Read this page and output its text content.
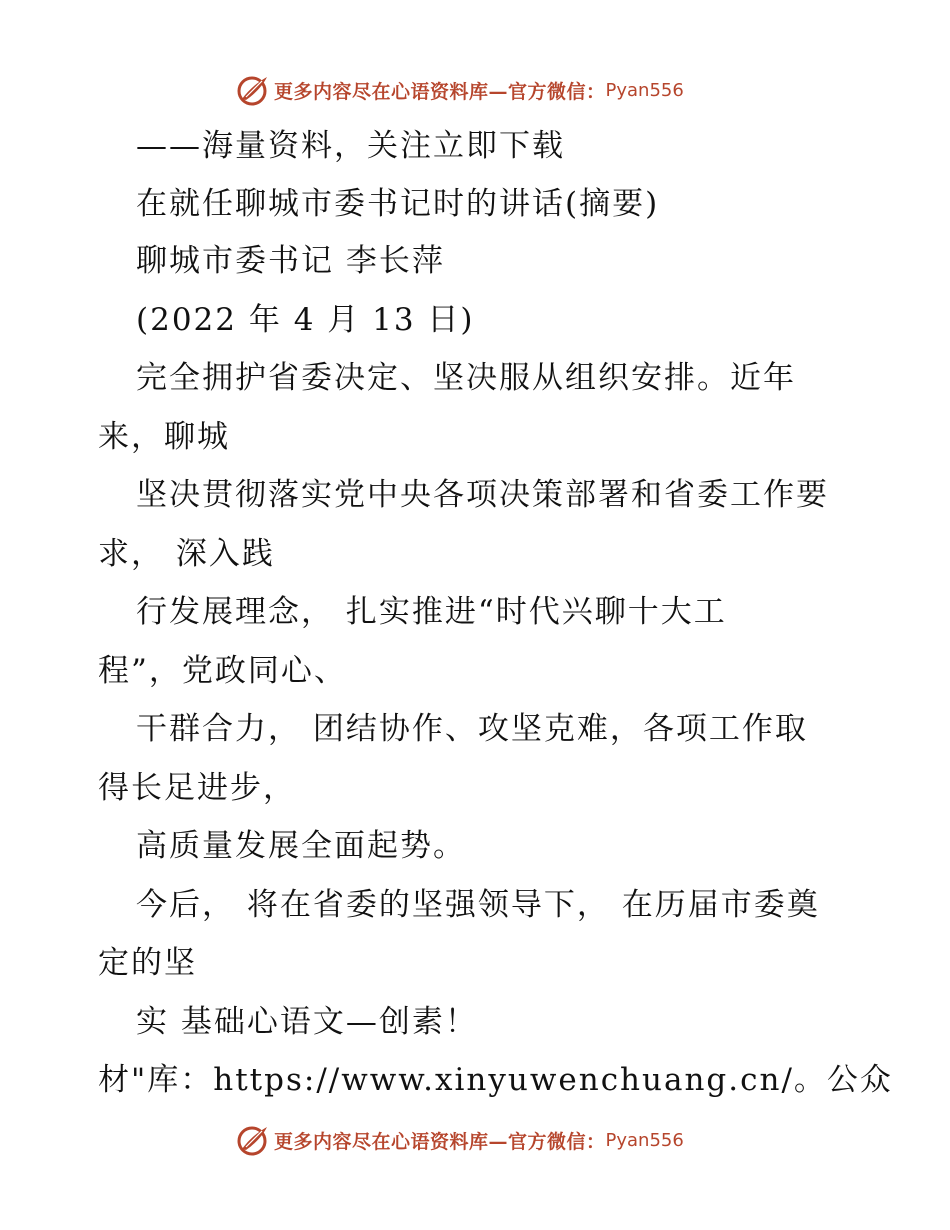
更多内容尽在心语资料库—官方微信： Pyan556
——海量资料，关注立即下载
在就任聊城市委书记时的讲话(摘要)
聊城市委书记 李长萍
(2022 年 4 月 13 日)
完全拥护省委决定、坚决服从组织安排。近年
来，聊城
坚决贯彻落实党中央各项决策部署和省委工作要
求， 深入践
行发展理念， 扎实推进“时代兴聊十大工
程”，党政同心、
干群合力， 团结协作、攻坚克难，各项工作取
得长足进步，
高质量发展全面起势。
今后， 将在省委的坚强领导下， 在历届市委奠
定的坚
实 基础心语文—创素！
材"库：https://www.xinyuwenchuang.cn/。公众
更多内容尽在心语资料库—官方微信： Pyan556
